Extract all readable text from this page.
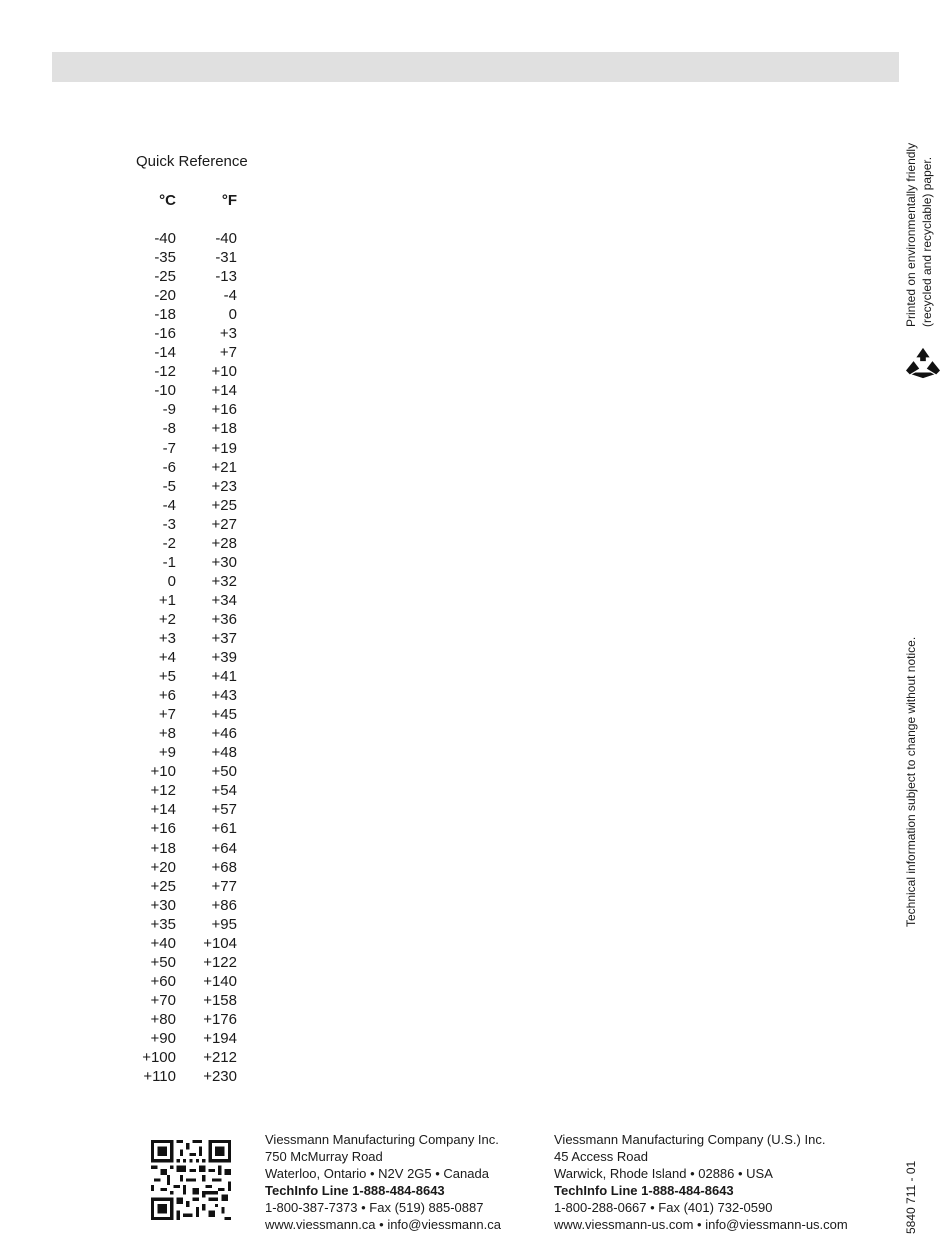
Quick Reference
°C	°F
-40	-40
-35	-31
-25	-13
-20	-4
-18	0
-16	+3
-14	+7
-12 +10
-10 +14
-9 +16
-8 +18
-7 +19
-6 +21
-5 +23
-4 +25
-3 +27
-2 +28
-1 +30
0 +32
+1 +34
+2 +36
+3 +37
+4 +39
+5 +41
+6 +43
+7 +45
+8 +46
+9 +48
+10 +50
+12 +54
+14 +57
+16 +61
+18 +64
+20 +68
+25 +77
+30 +86
+35 +95
+40 +104
+50 +122
+60 +140
+70 +158
+80 +176
+90 +194
+100 +212
+110 +230
Viessmann Manufacturing Company Inc.
750 McMurray Road
Waterloo, Ontario • N2V 2G5 • Canada
TechInfo Line 1-888-484-8643
1-800-387-7373 • Fax (519) 885-0887
www.viessmann.ca • info@viessmann.ca
Viessmann Manufacturing Company (U.S.) Inc.
45 Access Road
Warwick, Rhode Island • 02886 • USA
TechInfo Line 1-888-484-8643
1-800-288-0667 • Fax (401) 732-0590
www.viessmann-us.com • info@viessmann-us.com
Printed on environmentally friendly (recycled and recyclable) paper.
Technical information subject to change without notice.
5840 711 - 01
